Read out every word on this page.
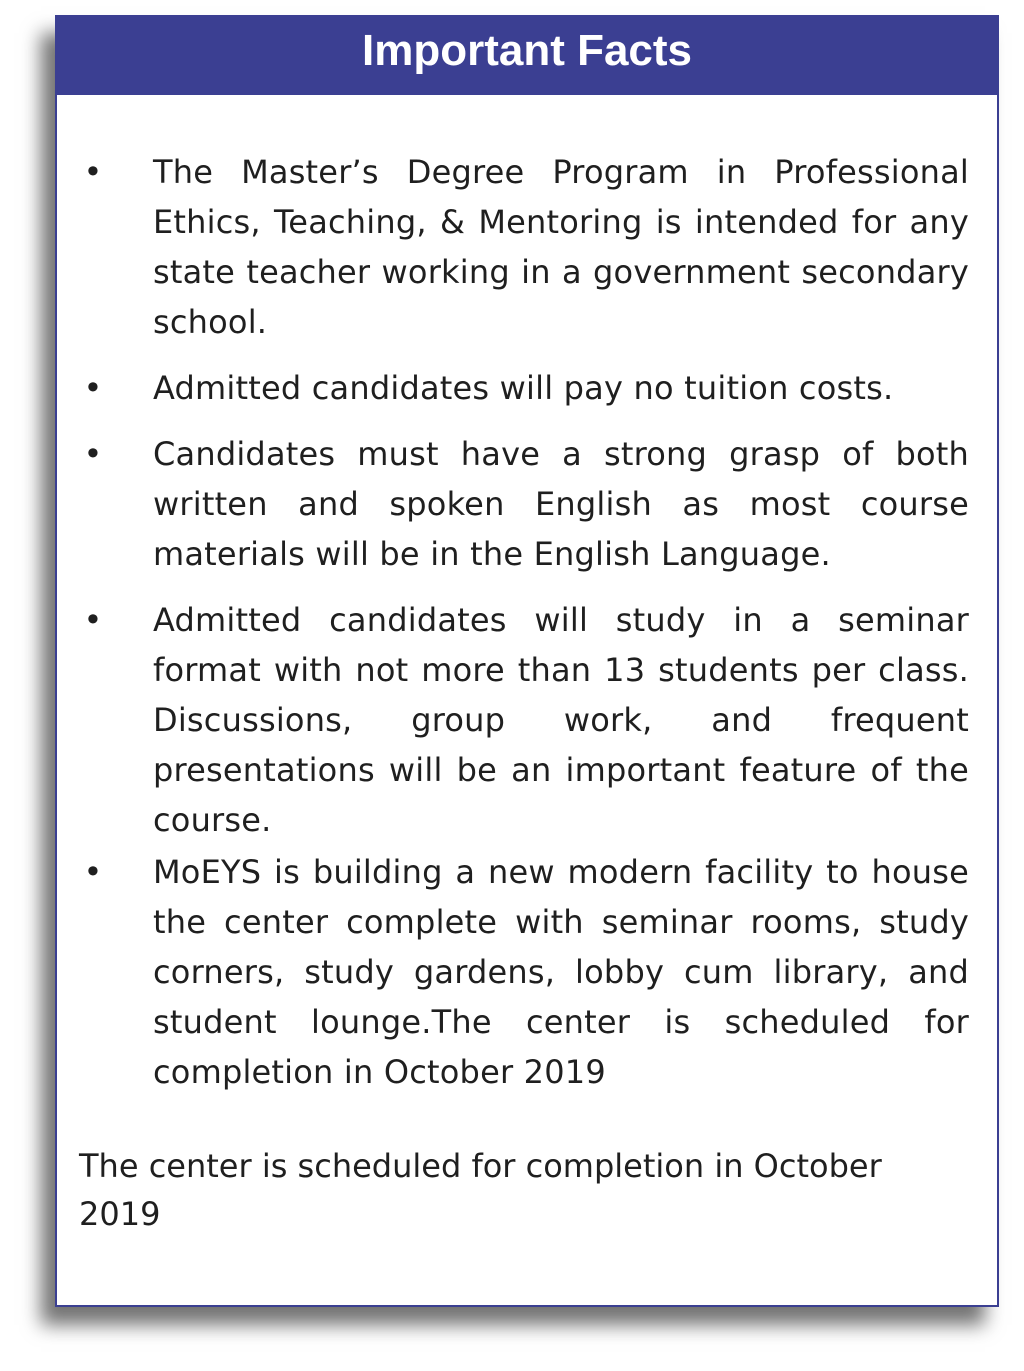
Important Facts
• The Master’s Degree Program in Professional Ethics, Teaching, & Mentoring is intended for any state teacher working in a government secondary school.
• Admitted candidates will pay no tuition costs.
• Candidates must have a strong grasp of both written and spoken English as most course materials will be in the English Language.
• Admitted candidates will study in a seminar format with not more than 13 students per class. Discussions, group work, and frequent presentations will be an important feature of the course.
• MoEYS is building a new modern facility to house the center complete with seminar rooms, study corners, study gardens, lobby cum library, and student lounge.The center is scheduled for completion in October 2019
The center is scheduled for completion in October 2019
